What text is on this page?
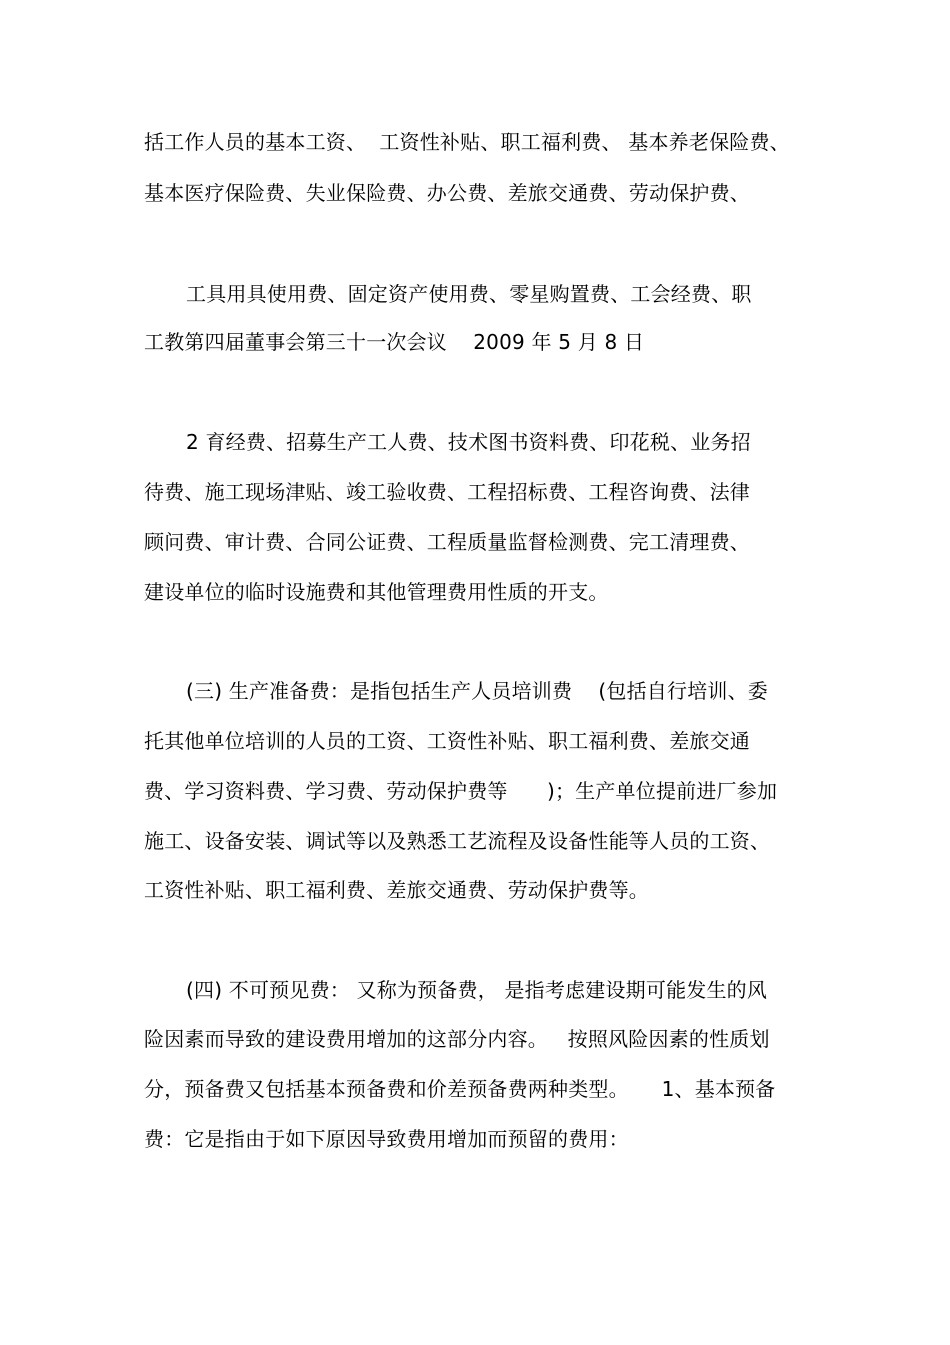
括工作人员的基本工资、  工资性补贴、职工福利费、 基本养老保险费、
基本医疗保险费、失业保险费、办公费、差旅交通费、劳动保护费、
工具用具使用费、固定资产使用费、零星购置费、工会经费、职
工教第四届董事会第三十一次会议    2009 年 5 月 8 日
2 育经费、招募生产工人费、技术图书资料费、印花税、业务招
待费、施工现场津贴、竣工验收费、工程招标费、工程咨询费、法律
顾问费、审计费、合同公证费、工程质量监督检测费、完工清理费、
建设单位的临时设施费和其他管理费用性质的开支。
(三) 生产准备费：是指包括生产人员培训费    (包括自行培训、委
托其他单位培训的人员的工资、工资性补贴、职工福利费、差旅交通
费、学习资料费、学习费、劳动保护费等      )；生产单位提前进厂参加
施工、设备安装、调试等以及熟悉工艺流程及设备性能等人员的工资、
工资性补贴、职工福利费、差旅交通费、劳动保护费等。
(四) 不可预见费： 又称为预备费， 是指考虑建设期可能发生的风
险因素而导致的建设费用增加的这部分内容。   按照风险因素的性质划
分，预备费又包括基本预备费和价差预备费两种类型。     1、基本预备
费：它是指由于如下原因导致费用增加而预留的费用：
